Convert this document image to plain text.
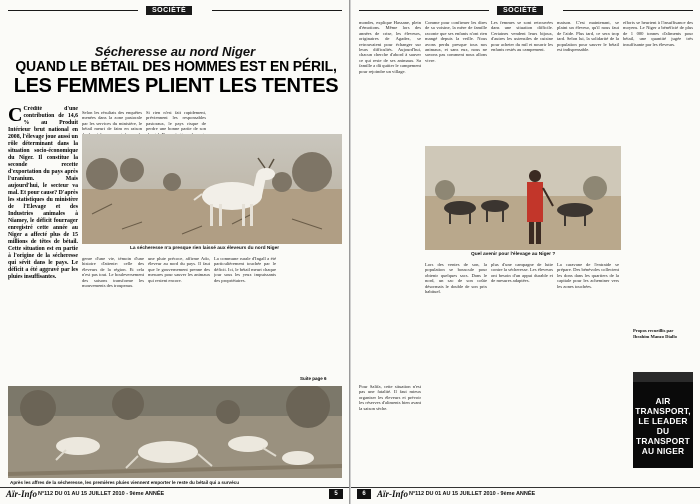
SOCIÉTÉ
Sécheresse au nord Niger
QUAND LE BÉTAIL DES HOMMES EST EN PÉRIL,
LES FEMMES PLIENT LES TENTES
C Crédité d'une contribution de 14,6 % au Produit Intérieur brut national en 2008, l'élevage joue aussi un rôle déterminant dans la situation socio-économique du Niger. Il constitue la seconde recette d'exportation du pays après l'uranium. Mais aujourd'hui, le secteur va mal. Et pour cause? D'après les statistiques du ministère de l'Elevage et des Industries animales à Niamey, le déficit fourrager enregistré cette année au Niger a affecté plus de 15 millions de têtes de bétail. Cette situation est en partie à l'origine de la sécheresse qui sévit dans le pays. Le déficit a été aggravé par les pluies insuffisantes.
Selon les résultats des enquêtes menées dans la zone pastorale par les services du ministère, le bétail meurt de faim en raison
Si rien n'est fait rapidement, préviennent les responsables pastoraux, le pays risque de perdre une bonne partie de son
La sécheresse n'a presque rien laissé aux éleveurs du nord Niger
genre d'une vie, témoin d'une histoire d'attente: celle des éleveurs de la région. Et cela n'est pas tout. Le bouleversement des saisons transforme les mouvements des troupeaux.
une pluie précoce, affirme Ado, éleveur au nord du pays. Il faut que le gouvernement prenne des mesures pour sauver les animaux qui restent encore.
La commune rurale d'Ingall a été particulièrement touchée par le déficit. Ici, le bétail meurt chaque jour sous les yeux impuissants des propriétaires.
Suite page 6
Après les affres de la sécheresse, les premières pluies viennent emporter le reste du bétail qui a survécu
Aïr-Info N°112 DU 01 AU 15 JUILLET 2010 - 9ème ANNÉE	5
SOCIÉTÉ
mondes, explique Hassane, plein d'émotions. Même lors des années de crise, les éleveurs, originaires de Agadez, se retrouvaient pour échanger sur leurs difficultés. Aujourd'hui, chacun cherche d'abord à sauver ce qui reste de ses animaux. Sa famille a dû quitter le campement pour rejoindre un village.
Comme pour confirmer les dires de sa voisine, la mère de famille raconte que ses enfants n'ont rien mangé depuis la veille. Nous avons perdu presque tous nos animaux, et sans eux, nous ne savons pas comment nous allons vivre.
Les femmes se sont retrouvées dans une situation difficile. Certaines vendent leurs bijoux, d'autres les ustensiles de cuisine pour acheter du mil et nourrir les enfants restés au campement.
maison. C'est maintenant, se plaint un éleveur, qu'il nous faut de l'aide. Plus tard, ce sera trop tard. Selon lui, la solidarité de la population pour sauver le bétail est indispensable.
efforts se heurtent à l'insuffisance des moyens. Le Niger a bénéficié de plus de 1 000 tonnes d'aliments pour bétail, une quantité jugée très insuffisante par les éleveurs.
Quel avenir pour l'élevage au Niger ?
Lors des ventes de son, la population se bouscule pour obtenir quelques sacs. Dans le nord, un sac de son coûte désormais le double de son prix habituel.
plus d'une campagne de lutte contre la sécheresse. Les éleveurs ont besoin d'un appui durable et de mesures adaptées.
La caravane de l'entraide se prépare. Des bénévoles collectent les dons dans les quartiers de la capitale pour les acheminer vers les zones touchées.
Pour Salifa, cette situation n'est pas une fatalité. Il faut mieux organiser les éleveurs et prévoir les réserves d'aliments bien avant la saison sèche.
Propos recueillis par
Ibrahim Manzo Diallo
AIR
TRANSPORT,
LE LEADER DU
TRANSPORT
AU NIGER
6	Aïr-Info N°112 DU 01 AU 15 JUILLET 2010 - 9ème ANNÉE
